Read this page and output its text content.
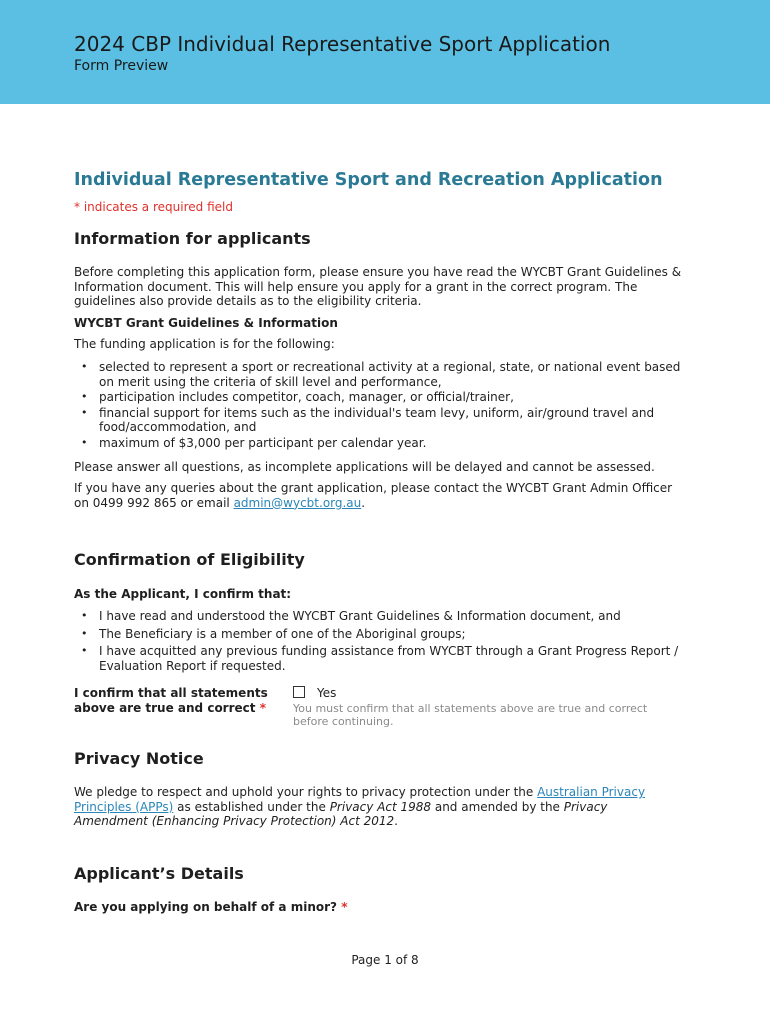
2024 CBP Individual Representative Sport Application
Form Preview
Individual Representative Sport and Recreation Application

* indicates a required field

Information for applicants

Before completing this application form, please ensure you have read the WYCBT Grant Guidelines & Information document. This will help ensure you apply for a grant in the correct program. The guidelines also provide details as to the eligibility criteria.

WYCBT Grant Guidelines & Information

The funding application is for the following:

• selected to represent a sport or recreational activity at a regional, state, or national event based on merit using the criteria of skill level and performance,
• participation includes competitor, coach, manager, or official/trainer,
• financial support for items such as the individual's team levy, uniform, air/ground travel and food/accommodation, and
• maximum of $3,000 per participant per calendar year.

Please answer all questions, as incomplete applications will be delayed and cannot be assessed.

If you have any queries about the grant application, please contact the WYCBT Grant Admin Officer on 0499 992 865 or email admin@wycbt.org.au.

Confirmation of Eligibility

As the Applicant, I confirm that:

• I have read and understood the WYCBT Grant Guidelines & Information document, and
• The Beneficiary is a member of one of the Aboriginal groups;
• I have acquitted any previous funding assistance from WYCBT through a Grant Progress Report / Evaluation Report if requested.
I confirm that all statements above are true and correct *
Yes
You must confirm that all statements above are true and correct before continuing.
Privacy Notice

We pledge to respect and uphold your rights to privacy protection under the Australian Privacy Principles (APPs) as established under the Privacy Act 1988 and amended by the Privacy Amendment (Enhancing Privacy Protection) Act 2012.

Applicant’s Details

Are you applying on behalf of a minor? *

Page 1 of 8
